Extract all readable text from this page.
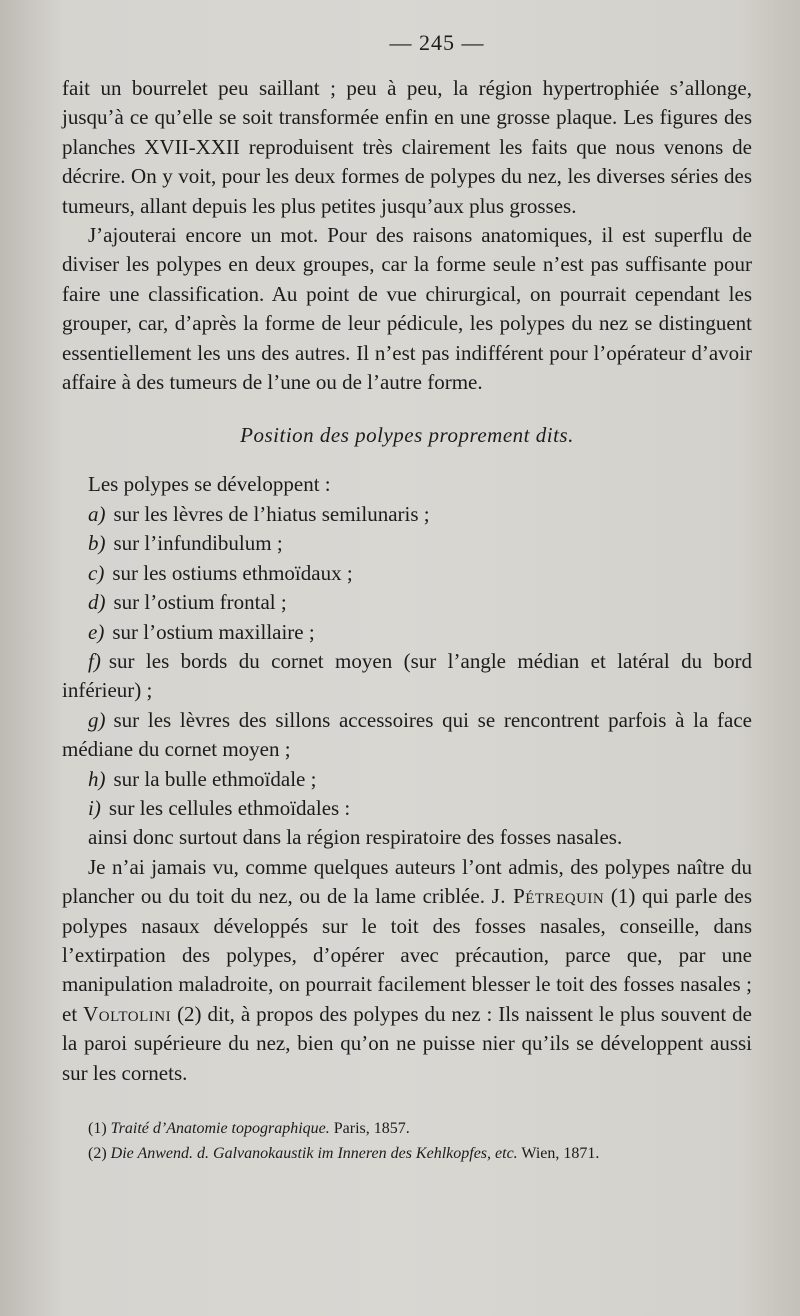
— 245 —

fait un bourrelet peu saillant ; peu à peu, la région hypertrophiée s’allonge, jusqu’à ce qu’elle se soit transformée enfin en une grosse plaque. Les figures des planches XVII-XXII reproduisent très clairement les faits que nous venons de décrire. On y voit, pour les deux formes de polypes du nez, les diverses séries des tumeurs, allant depuis les plus petites jusqu’aux plus grosses.

J’ajouterai encore un mot. Pour des raisons anatomiques, il est superflu de diviser les polypes en deux groupes, car la forme seule n’est pas suffisante pour faire une classification. Au point de vue chirurgical, on pourrait cependant les grouper, car, d’après la forme de leur pédicule, les polypes du nez se distinguent essentiellement les uns des autres. Il n’est pas indifférent pour l’opérateur d’avoir affaire à des tumeurs de l’une ou de l’autre forme.

Position des polypes proprement dits.

Les polypes se développent :

a) sur les lèvres de l’hiatus semilunaris ;
b) sur l’infundibulum ;
c) sur les ostiums ethmoïdaux ;
d) sur l’ostium frontal ;
e) sur l’ostium maxillaire ;
f) sur les bords du cornet moyen (sur l’angle médian et latéral du bord inférieur) ;
g) sur les lèvres des sillons accessoires qui se rencontrent parfois à la face médiane du cornet moyen ;
h) sur la bulle ethmoïdale ;
i) sur les cellules ethmoïdales :

ainsi donc surtout dans la région respiratoire des fosses nasales.

Je n’ai jamais vu, comme quelques auteurs l’ont admis, des polypes naître du plancher ou du toit du nez, ou de la lame criblée. J. Pétrequin (1) qui parle des polypes nasaux développés sur le toit des fosses nasales, conseille, dans l’extirpation des polypes, d’opérer avec précaution, parce que, par une manipulation maladroite, on pourrait facilement blesser le toit des fosses nasales ; et Voltolini (2) dit, à propos des polypes du nez : Ils naissent le plus souvent de la paroi supérieure du nez, bien qu’on ne puisse nier qu’ils se développent aussi sur les cornets.

(1) Traité d’Anatomie topographique. Paris, 1857.
(2) Die Anwend. d. Galvanokaustik im Inneren des Kehlkopfes, etc. Wien, 1871.
